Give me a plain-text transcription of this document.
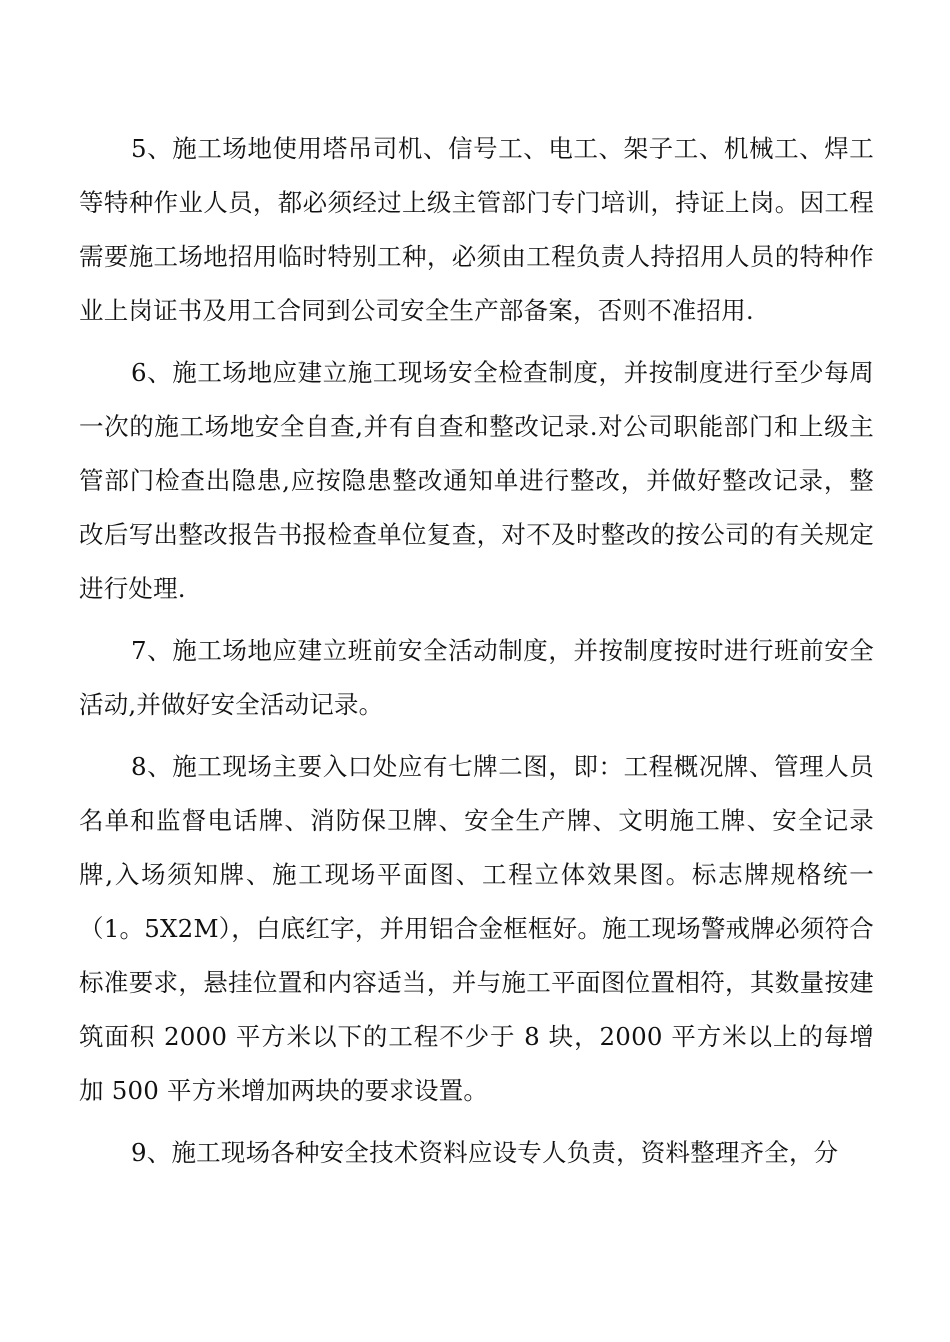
5、施工场地使用塔吊司机、信号工、电工、架子工、机械工、焊工等特种作业人员，都必须经过上级主管部门专门培训，持证上岗。因工程需要施工场地招用临时特别工种，必须由工程负责人持招用人员的特种作业上岗证书及用工合同到公司安全生产部备案，否则不准招用.

6、施工场地应建立施工现场安全检查制度，并按制度进行至少每周一次的施工场地安全自查,并有自查和整改记录.对公司职能部门和上级主管部门检查出隐患,应按隐患整改通知单进行整改，并做好整改记录，整改后写出整改报告书报检查单位复查，对不及时整改的按公司的有关规定进行处理.

7、施工场地应建立班前安全活动制度，并按制度按时进行班前安全活动,并做好安全活动记录。

8、施工现场主要入口处应有七牌二图，即：工程概况牌、管理人员名单和监督电话牌、消防保卫牌、安全生产牌、文明施工牌、安全记录牌,入场须知牌、施工现场平面图、工程立体效果图。标志牌规格统一（1。5X2M），白底红字，并用铝合金框框好。施工现场警戒牌必须符合标准要求，悬挂位置和内容适当，并与施工平面图位置相符，其数量按建筑面积 2000 平方米以下的工程不少于 8 块，2000 平方米以上的每增加 500 平方米增加两块的要求设置。

9、施工现场各种安全技术资料应设专人负责，资料整理齐全，分
